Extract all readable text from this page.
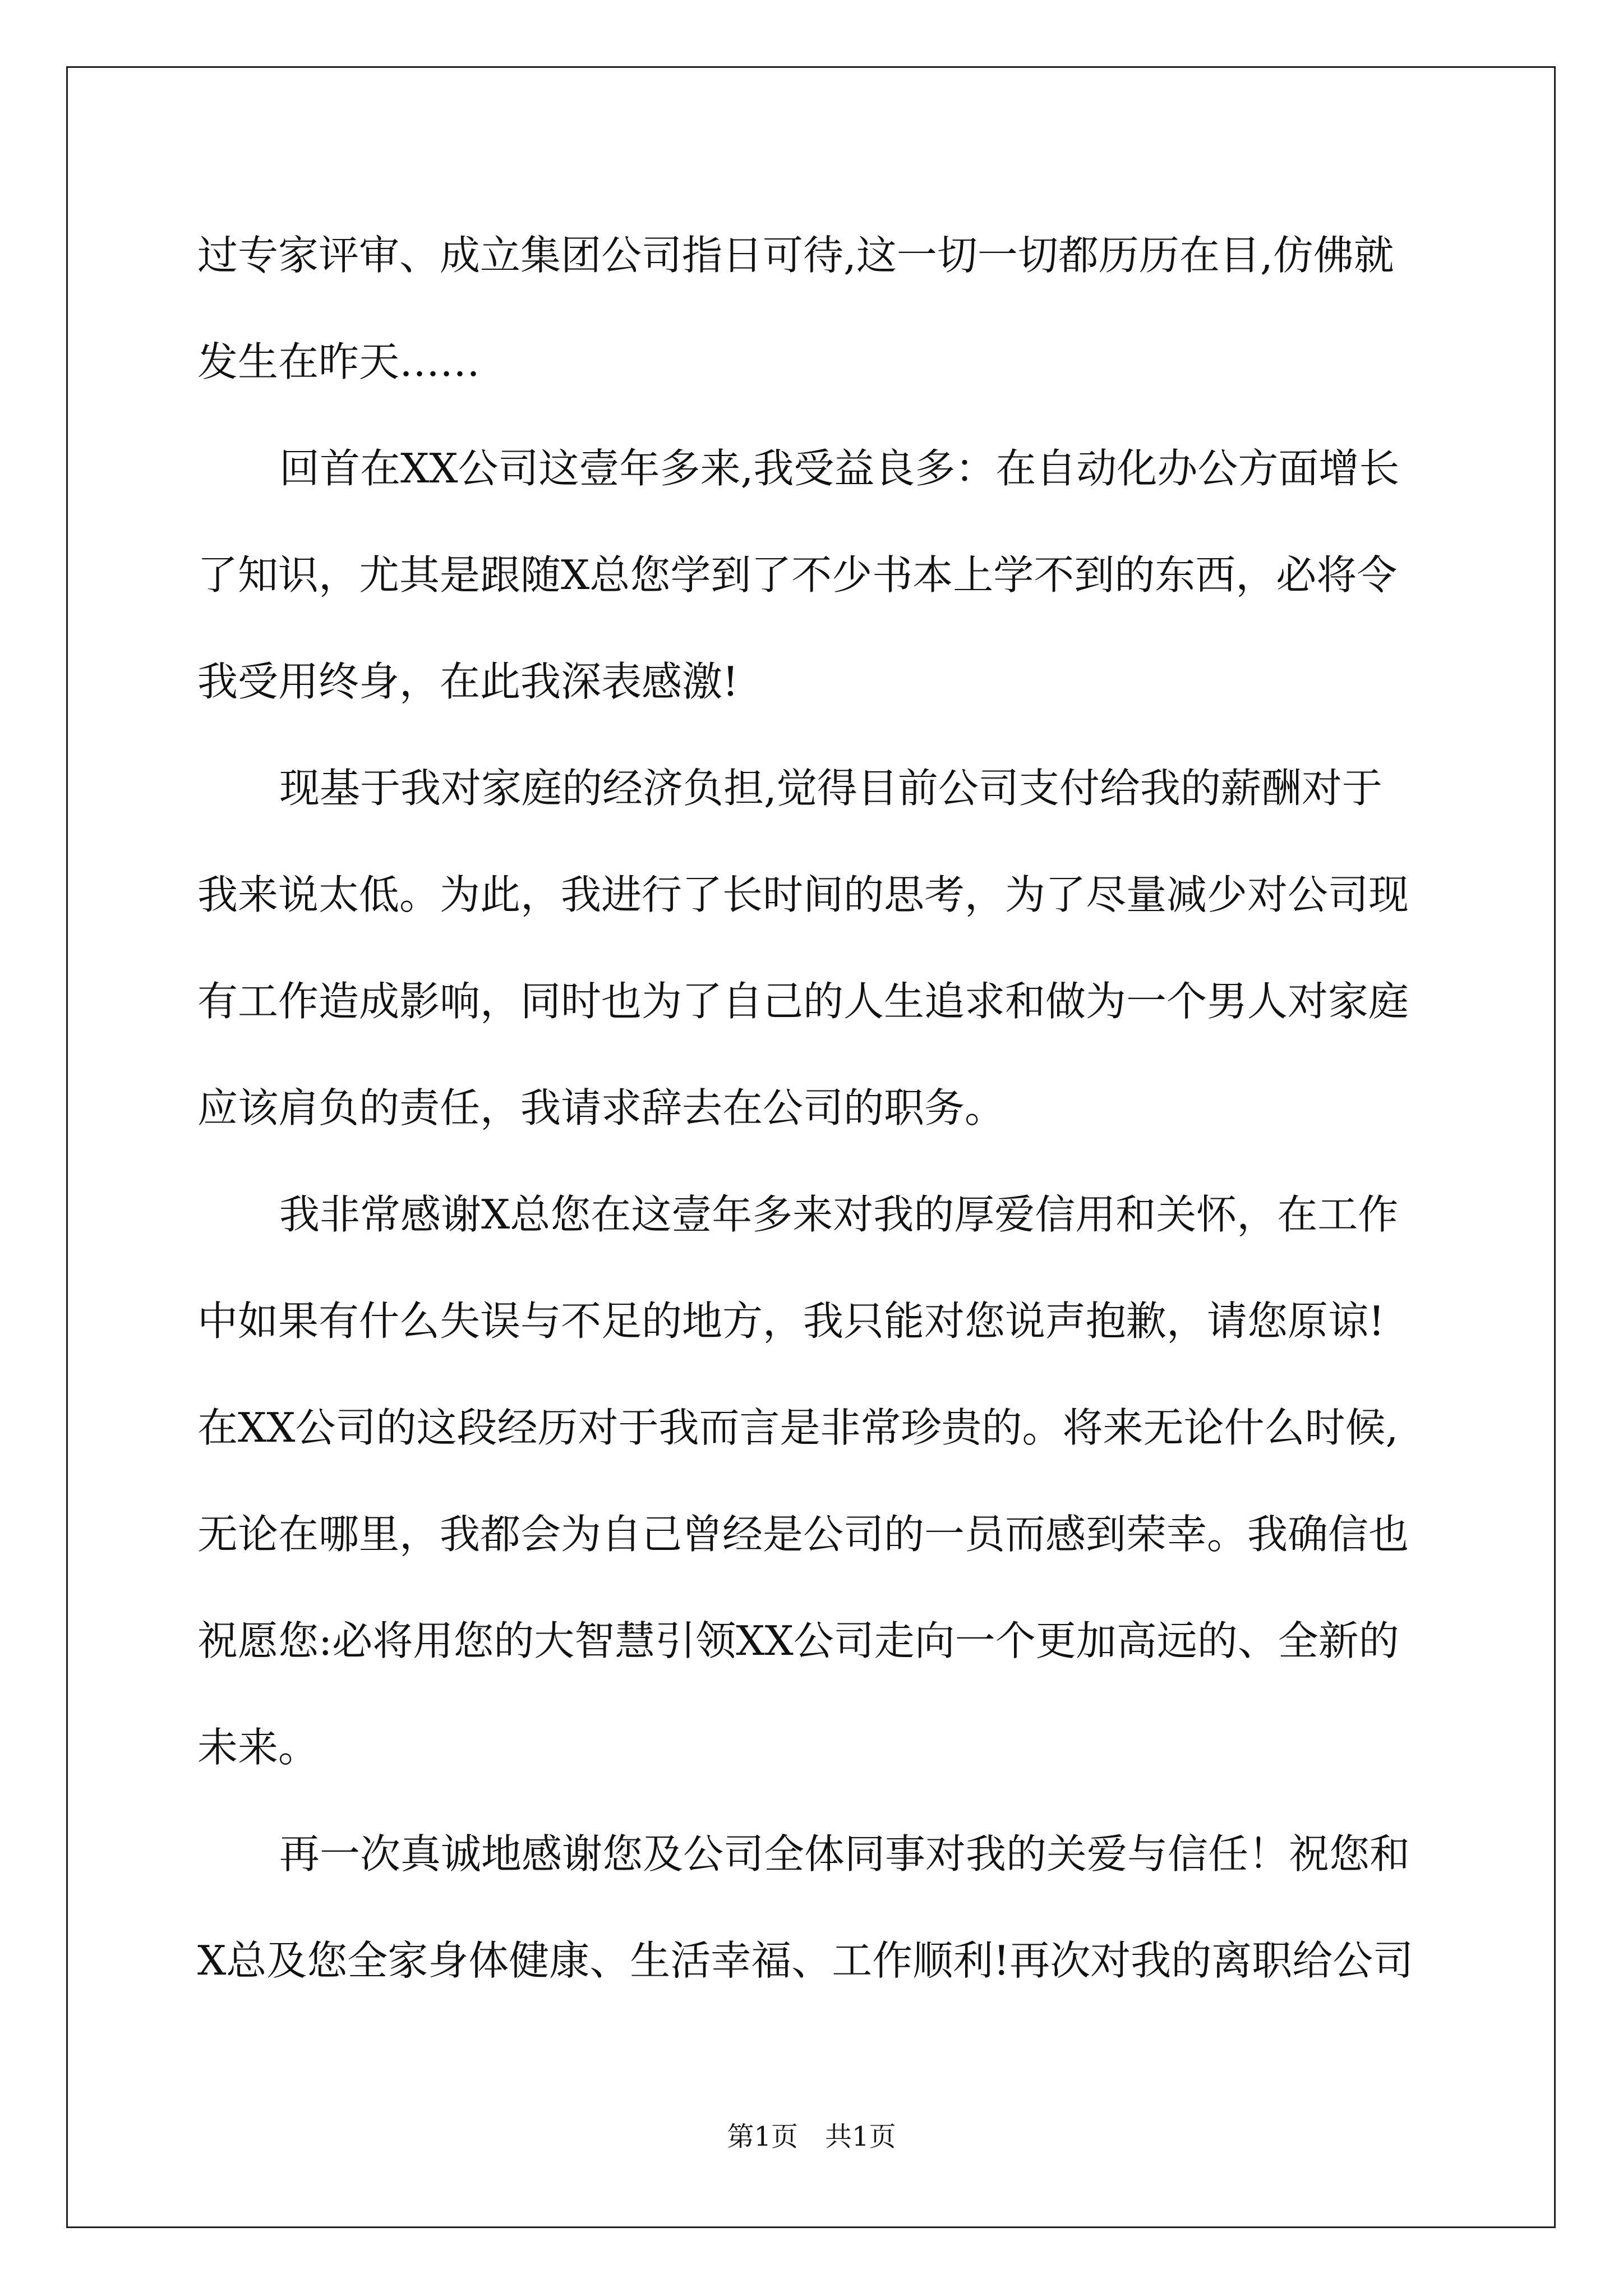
过专家评审、成立集团公司指日可待,这一切一切都历历在目,仿佛就
发生在昨天……
回首在XX公司这壹年多来,我受益良多：在自动化办公方面增长
了知识，尤其是跟随X总您学到了不少书本上学不到的东西，必将令
我受用终身，在此我深表感激!
现基于我对家庭的经济负担,觉得目前公司支付给我的薪酬对于
我来说太低。为此，我进行了长时间的思考，为了尽量减少对公司现
有工作造成影响，同时也为了自己的人生追求和做为一个男人对家庭
应该肩负的责任，我请求辞去在公司的职务。
我非常感谢X总您在这壹年多来对我的厚爱信用和关怀，在工作
中如果有什么失误与不足的地方，我只能对您说声抱歉，请您原谅!
在XX公司的这段经历对于我而言是非常珍贵的。将来无论什么时候,
无论在哪里，我都会为自己曾经是公司的一员而感到荣幸。我确信也
祝愿您:必将用您的大智慧引领XX公司走向一个更加高远的、全新的
未来。
再一次真诚地感谢您及公司全体同事对我的关爱与信任！祝您和
X总及您全家身体健康、生活幸福、工作顺利!再次对我的离职给公司
第1页　共1页
